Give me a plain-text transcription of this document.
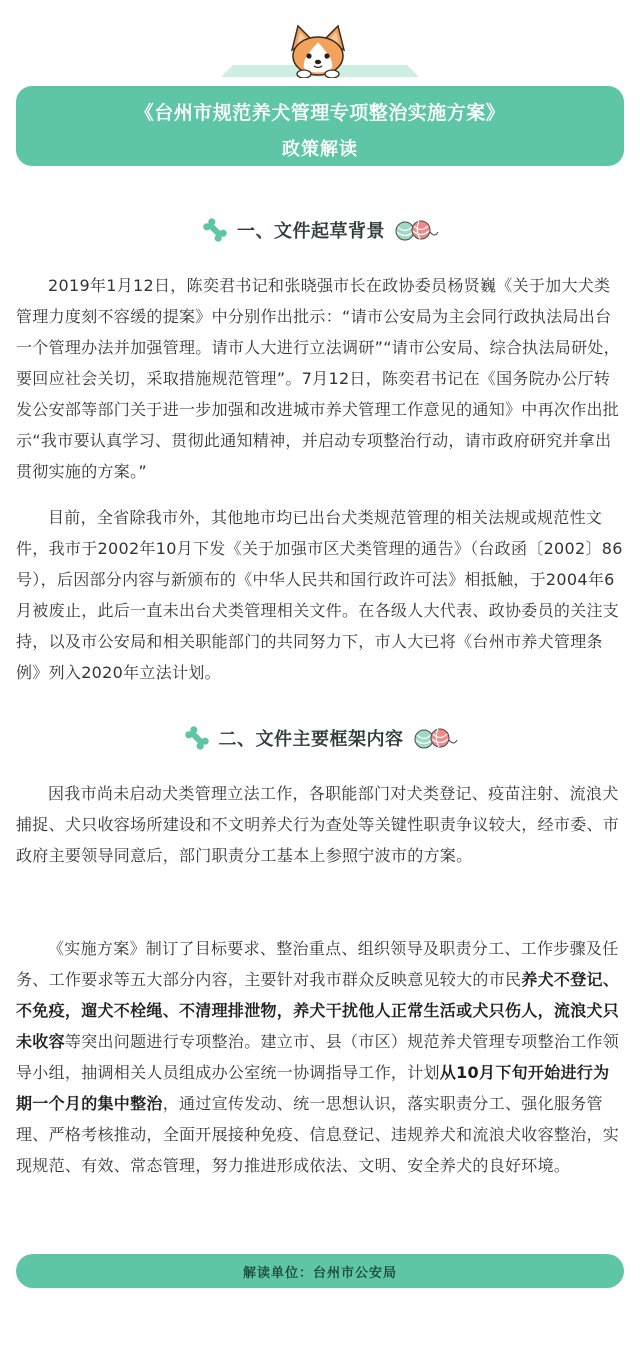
《台州市规范养犬管理专项整治实施方案》
政策解读
一、文件起草背景

2019年1月12日，陈奕君书记和张晓强市长在政协委员杨贤巍《关于加大犬类管理力度刻不容缓的提案》中分别作出批示：“请市公安局为主会同行政执法局出台一个管理办法并加强管理。请市人大进行立法调研”“请市公安局、综合执法局研处，要回应社会关切，采取措施规范管理”。7月12日，陈奕君书记在《国务院办公厅转发公安部等部门关于进一步加强和改进城市养犬管理工作意见的通知》中再次作出批示“我市要认真学习、贯彻此通知精神，并启动专项整治行动，请市政府研究并拿出贯彻实施的方案。”

目前，全省除我市外，其他地市均已出台犬类规范管理的相关法规或规范性文件，我市于2002年10月下发《关于加强市区犬类管理的通告》（台政函〔2002〕86号），后因部分内容与新颁布的《中华人民共和国行政许可法》相抵触，于2004年6月被废止，此后一直未出台犬类管理相关文件。在各级人大代表、政协委员的关注支持，以及市公安局和相关职能部门的共同努力下，市人大已将《台州市养犬管理条例》列入2020年立法计划。

二、文件主要框架内容

因我市尚未启动犬类管理立法工作，各职能部门对犬类登记、疫苗注射、流浪犬捕捉、犬只收容场所建设和不文明养犬行为查处等关键性职责争议较大，经市委、市政府主要领导同意后，部门职责分工基本上参照宁波市的方案。

《实施方案》制订了目标要求、整治重点、组织领导及职责分工、工作步骤及任务、工作要求等五大部分内容，主要针对我市群众反映意见较大的市民养犬不登记、不免疫，遛犬不栓绳、不清理排泄物，养犬干扰他人正常生活或犬只伤人，流浪犬只未收容等突出问题进行专项整治。建立市、县（市区）规范养犬管理专项整治工作领导小组，抽调相关人员组成办公室统一协调指导工作，计划从10月下旬开始进行为期一个月的集中整治，通过宣传发动、统一思想认识，落实职责分工、强化服务管理、严格考核推动，全面开展接种免疫、信息登记、违规养犬和流浪犬收容整治，实现规范、有效、常态管理，努力推进形成依法、文明、安全养犬的良好环境。

解读单位：台州市公安局
